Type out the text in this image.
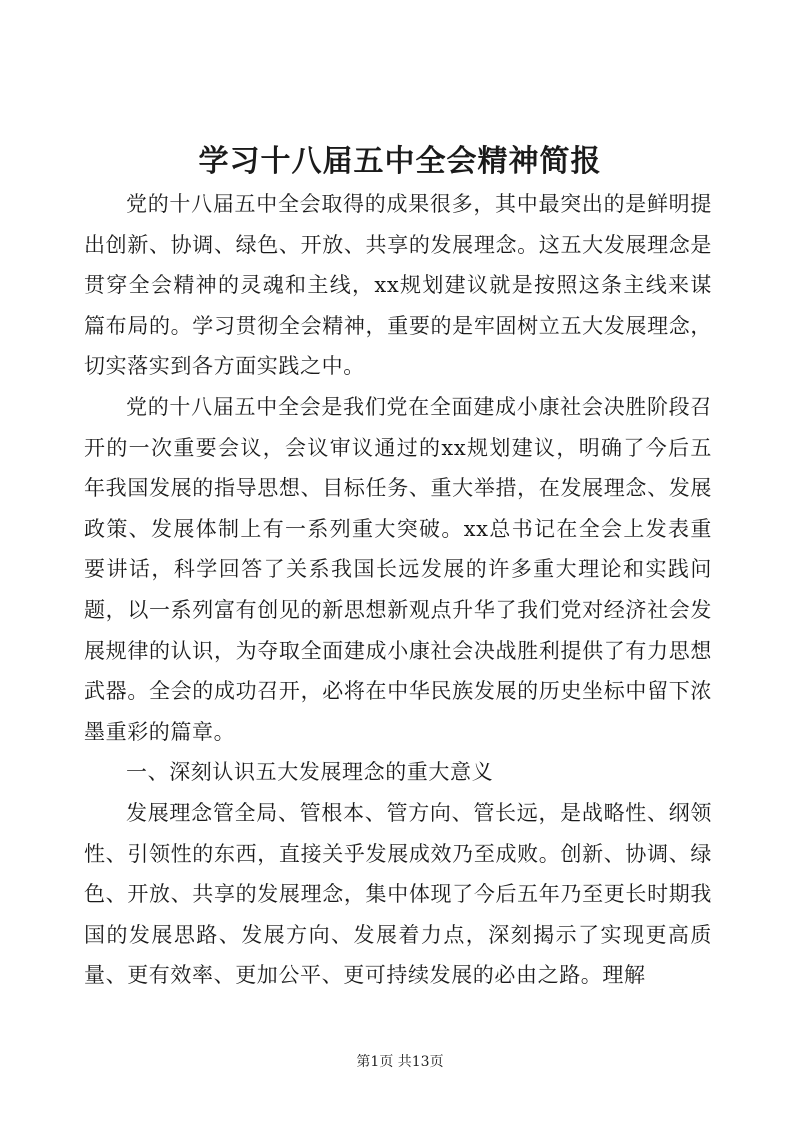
学习十八届五中全会精神简报

党的十八届五中全会取得的成果很多，其中最突出的是鲜明提出创新、协调、绿色、开放、共享的发展理念。这五大发展理念是贯穿全会精神的灵魂和主线，xx规划建议就是按照这条主线来谋篇布局的。学习贯彻全会精神，重要的是牢固树立五大发展理念，切实落实到各方面实践之中。

党的十八届五中全会是我们党在全面建成小康社会决胜阶段召开的一次重要会议，会议审议通过的xx规划建议，明确了今后五年我国发展的指导思想、目标任务、重大举措，在发展理念、发展政策、发展体制上有一系列重大突破。xx总书记在全会上发表重要讲话，科学回答了关系我国长远发展的许多重大理论和实践问题，以一系列富有创见的新思想新观点升华了我们党对经济社会发展规律的认识，为夺取全面建成小康社会决战胜利提供了有力思想武器。全会的成功召开，必将在中华民族发展的历史坐标中留下浓墨重彩的篇章。

一、深刻认识五大发展理念的重大意义

发展理念管全局、管根本、管方向、管长远，是战略性、纲领性、引领性的东西，直接关乎发展成效乃至成败。创新、协调、绿色、开放、共享的发展理念，集中体现了今后五年乃至更长时期我国的发展思路、发展方向、发展着力点，深刻揭示了实现更高质量、更有效率、更加公平、更可持续发展的必由之路。理解

第1页 共13页
